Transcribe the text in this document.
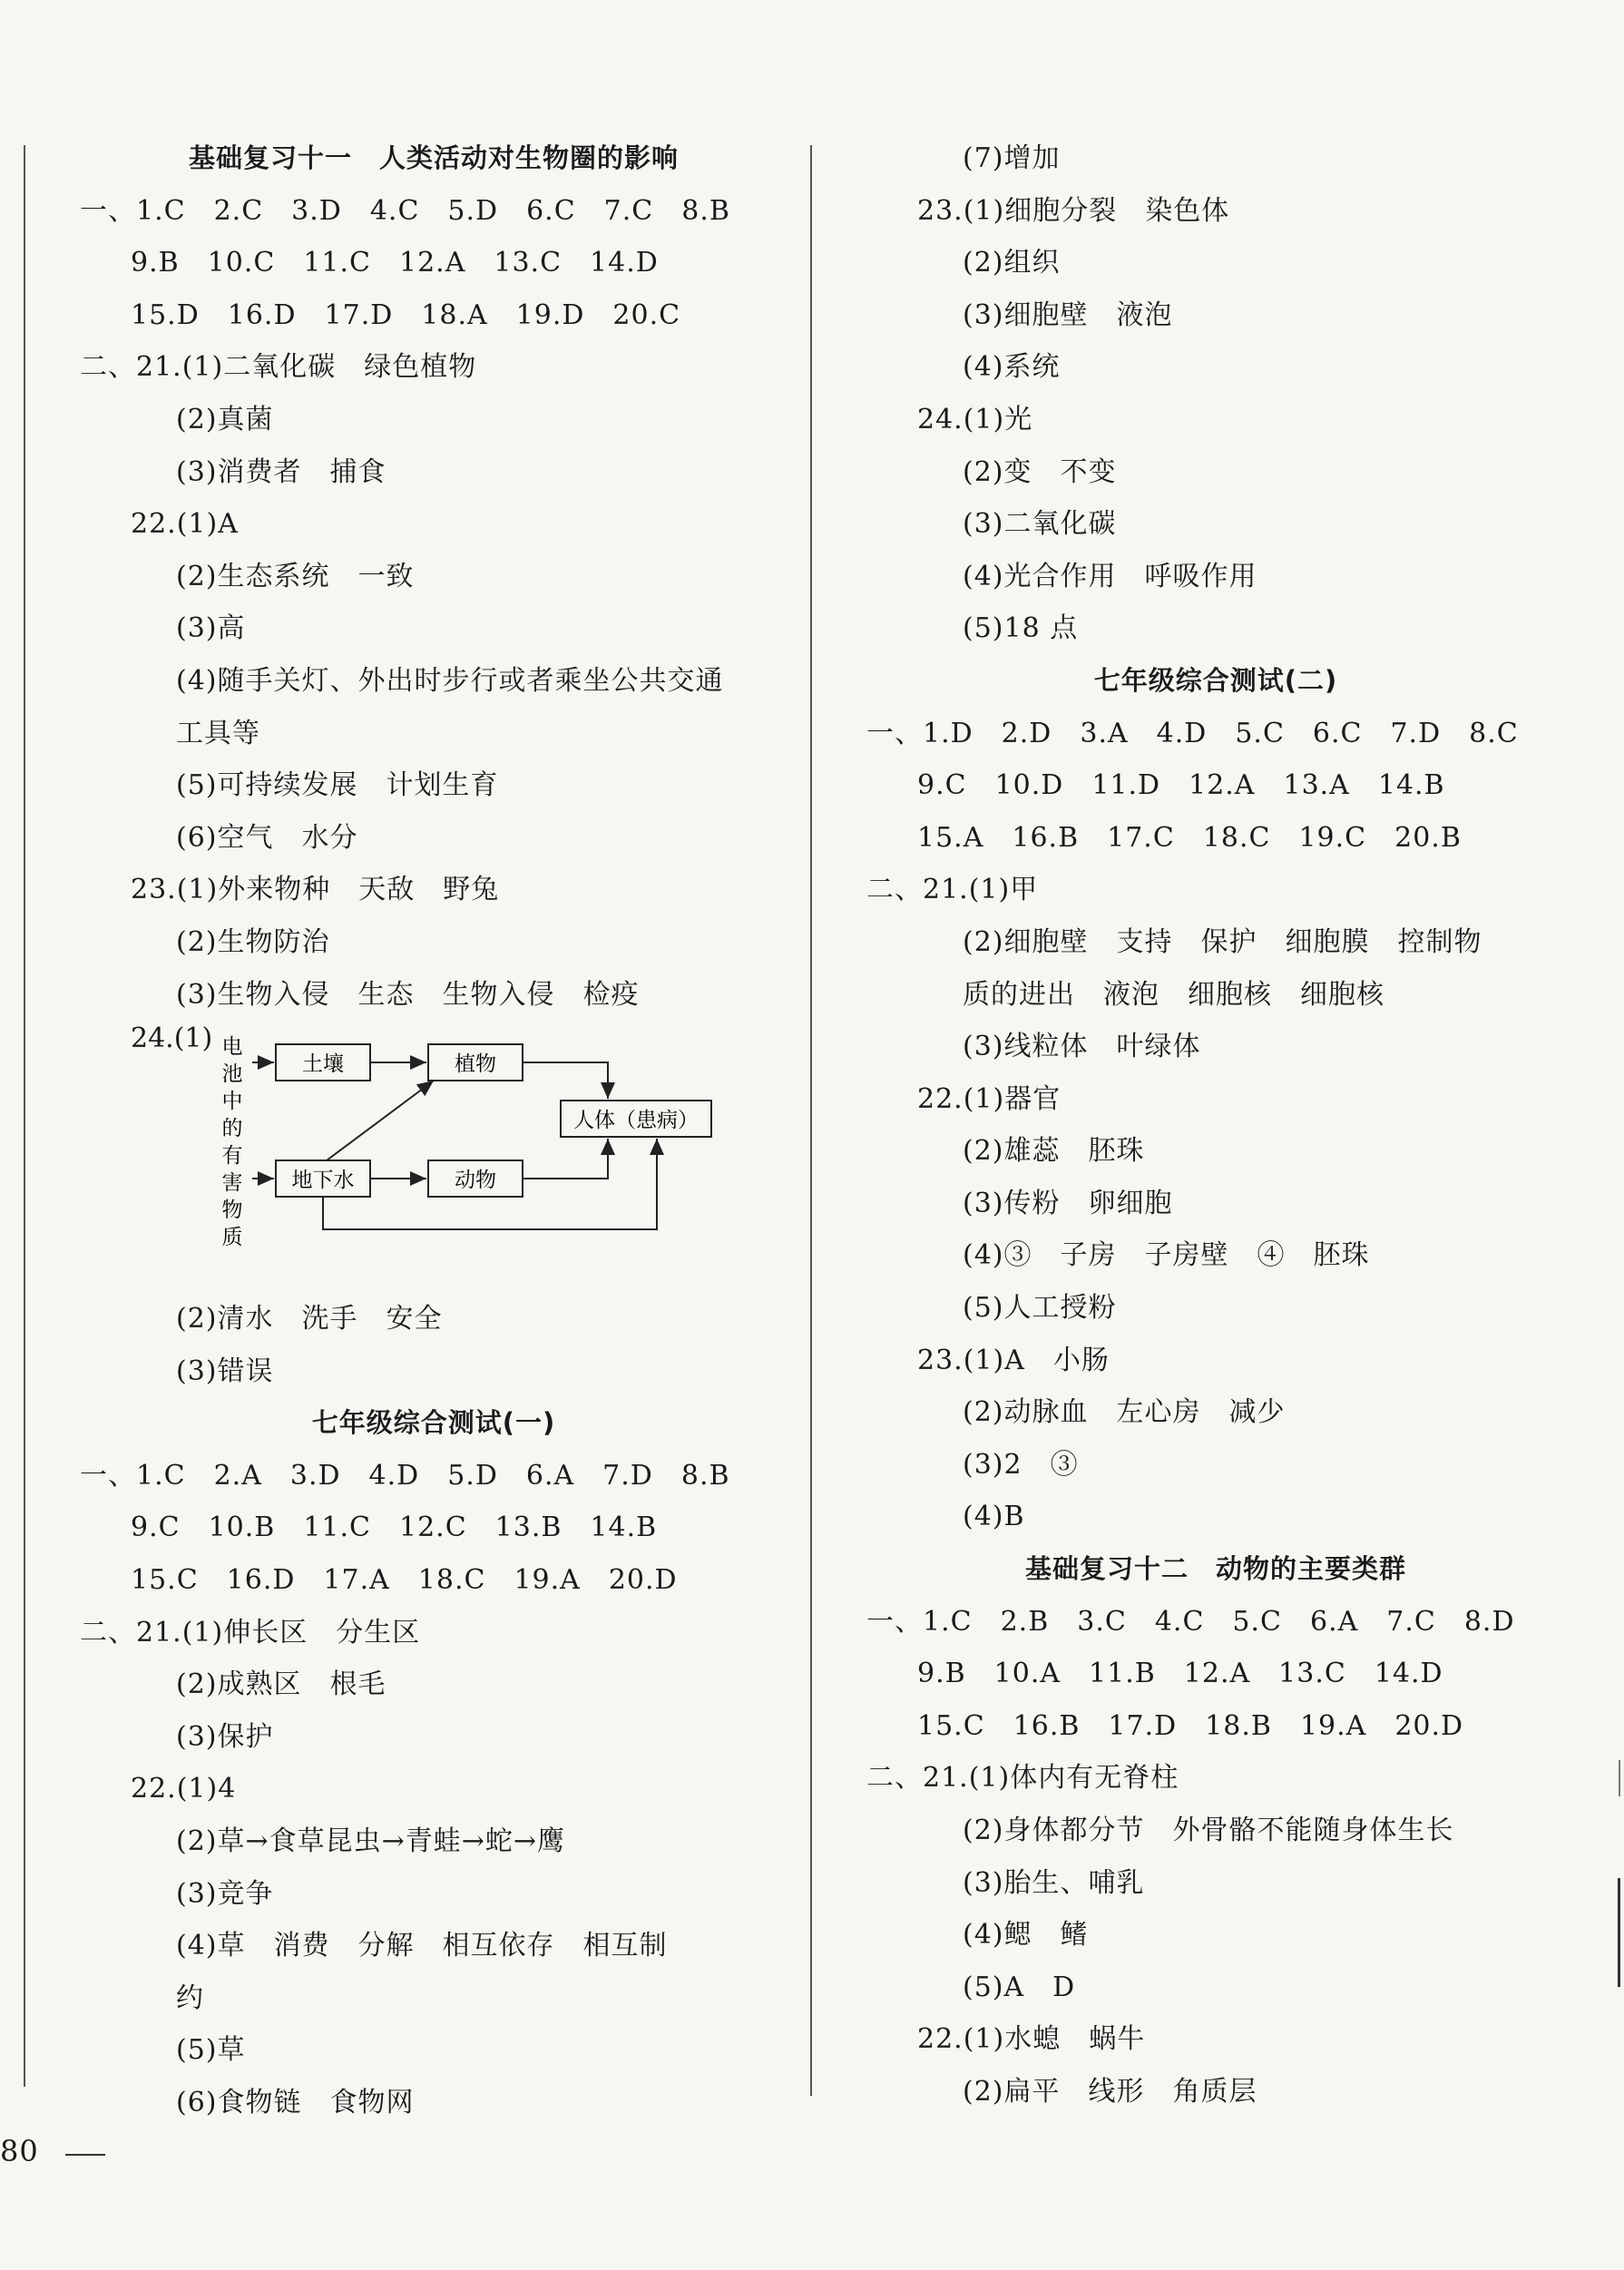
基础复习十一　人类活动对生物圈的影响
一、1.C　2.C　3.D　4.C　5.D　6.C　7.C　8.B
9.B　10.C　11.C　12.A　13.C　14.D
15.D　16.D　17.D　18.A　19.D　20.C
二、21.(1)二氧化碳　绿色植物
(2)真菌
(3)消费者　捕食
22.(1)A
(2)生态系统　一致
(3)高
(4)随手关灯、外出时步行或者乘坐公共交通
工具等
(5)可持续发展　计划生育
(6)空气　水分
23.(1)外来物种　天敌　野兔
(2)生物防治
(3)生物入侵　生态　生物入侵　检疫
24.(1) 电
池
中
的
有
害
物
质
土壤	植物
人体（患病）
地下水	动物
(2)清水　洗手　安全
(3)错误
七年级综合测试(一)
一、1.C　2.A　3.D　4.D　5.D　6.A　7.D　8.B
9.C　10.B　11.C　12.C　13.B　14.B
15.C　16.D　17.A　18.C　19.A　20.D
二、21.(1)伸长区　分生区
(2)成熟区　根毛
(3)保护
22.(1)4
(2)草→食草昆虫→青蛙→蛇→鹰
(3)竞争
(4)草　消费　分解　相互依存　相互制
约
(5)草
(6)食物链　食物网
(7)增加
23.(1)细胞分裂　染色体
(2)组织
(3)细胞壁　液泡
(4)系统
24.(1)光
(2)变　不变
(3)二氧化碳
(4)光合作用　呼吸作用
(5)18 点
七年级综合测试(二)
一、1.D　2.D　3.A　4.D　5.C　6.C　7.D　8.C
9.C　10.D　11.D　12.A　13.A　14.B
15.A　16.B　17.C　18.C　19.C　20.B
二、21.(1)甲
(2)细胞壁　支持　保护　细胞膜　控制物
质的进出　液泡　细胞核　细胞核
(3)线粒体　叶绿体
22.(1)器官
(2)雄蕊　胚珠
(3)传粉　卵细胞
(4)③　子房　子房壁　④　胚珠
(5)人工授粉
23.(1)A　小肠
(2)动脉血　左心房　减少
(3)2　③
(4)B
基础复习十二　动物的主要类群
一、1.C　2.B　3.C　4.C　5.C　6.A　7.C　8.D
9.B　10.A　11.B　12.A　13.C　14.D
15.C　16.B　17.D　18.B　19.A　20.D
二、21.(1)体内有无脊柱
(2)身体都分节　外骨骼不能随身体生长
(3)胎生、哺乳
(4)鳃　鳍
(5)A　D
22.(1)水螅　蜗牛
(2)扁平　线形　角质层
80
